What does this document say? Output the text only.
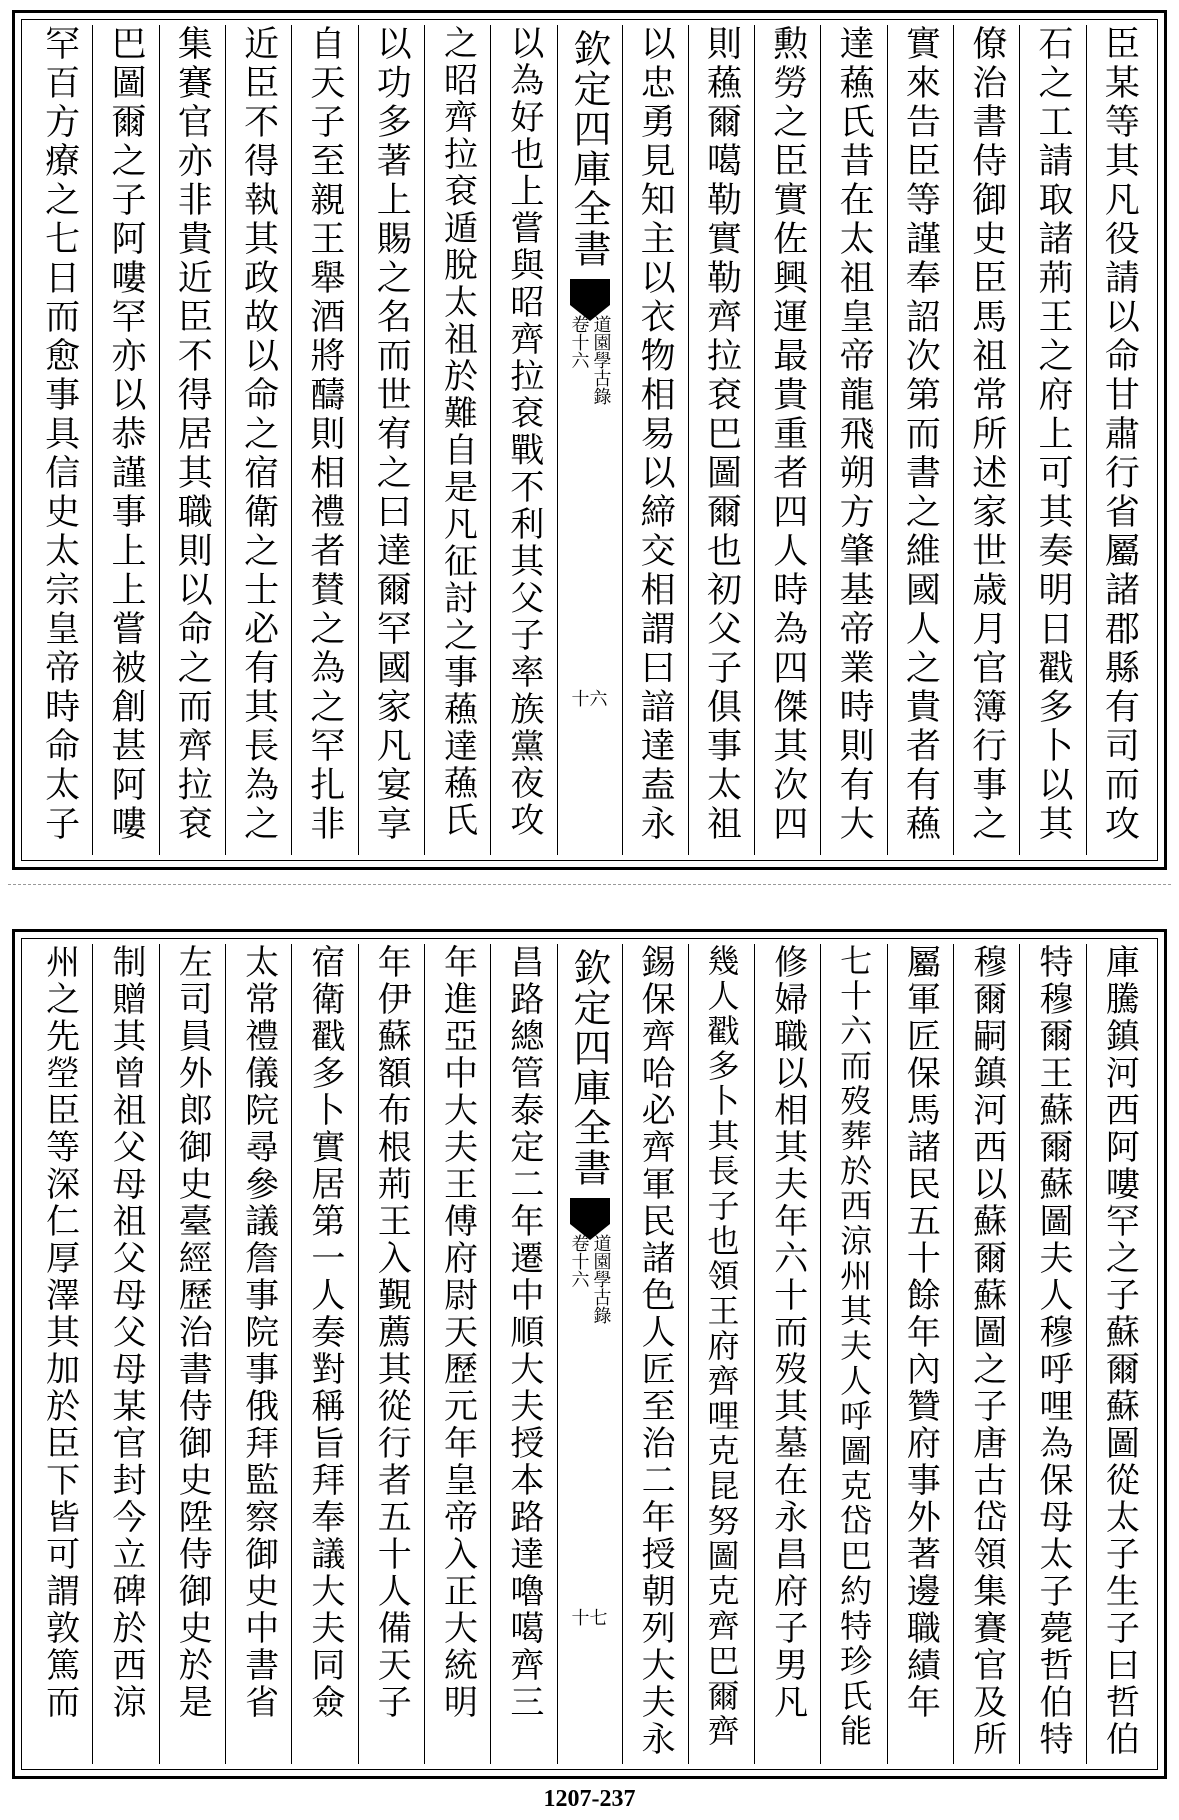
臣某等其凡役請以命甘肅行省屬諸郡縣有司而攻
石之工請取諸荊王之府上可其奏明日戳多卜以其
僚治書侍御史臣馬祖常所述家世歳月官簿行事之
實來告臣等謹奉詔次第而書之維國人之貴者有蘓
達蘓氏昔在太祖皇帝龍飛朔方肇基帝業時則有大
勲勞之臣實佐興運最貴重者四人時為四傑其次四
則蘓爾噶勒實勒齊拉袞巴圖爾也初父子俱事太祖
以忠勇見知主以衣物相易以締交相謂曰諳達盍永
欽定四庫全書
道園學古錄
卷十六
十六
以為好也上嘗與昭齊拉袞戰不利其父子率族黨夜攻
之昭齊拉袞遁脫太祖於難自是凡征討之事蘓達蘓氏
以功多著上賜之名而世宥之曰達爾罕國家凡宴享
自天子至親王舉酒將醻則相禮者賛之為之罕扎非
近臣不得執其政故以命之宿衛之士必有其長為之
集賽官亦非貴近臣不得居其職則以命之而齊拉袞
巴圖爾之子阿嘍罕亦以恭謹事上上嘗被創甚阿嘍
罕百方療之七日而愈事具信史太宗皇帝時命太子
庫騰鎮河西阿嘍罕之子蘇爾蘇圖從太子生子曰哲伯
特穆爾王蘇爾蘇圖夫人穆呼哩為保母太子薨哲伯特
穆爾嗣鎮河西以蘇爾蘇圖之子唐古岱領集賽官及所
屬軍匠保馬諸民五十餘年內贊府事外著邊職績年
七十六而歿葬於西涼州其夫人呼圖克岱巴約特珍氏能
修婦職以相其夫年六十而歿其墓在永昌府子男凡
幾人戳多卜其長子也領王府齊哩克昆努圖克齊巴爾齊
錫保齊哈必齊軍民諸色人匠至治二年授朝列大夫永
欽定四庫全書
道園學古錄
卷十六
十七
昌路總管泰定二年遷中順大夫授本路達嚕噶齊三
年進亞中大夫王傅府尉天歷元年皇帝入正大統明
年伊蘇額布根荊王入覲薦其從行者五十人備天子
宿衛戳多卜實居第一人奏對稱旨拜奉議大夫同僉
太常禮儀院尋參議詹事院事俄拜監察御史中書省
左司員外郎御史臺經歷治書侍御史陞侍御史於是
制贈其曾祖父母祖父母父母某官封今立碑於西涼
州之先塋臣等深仁厚澤其加於臣下皆可謂敦篤而
1207-237
